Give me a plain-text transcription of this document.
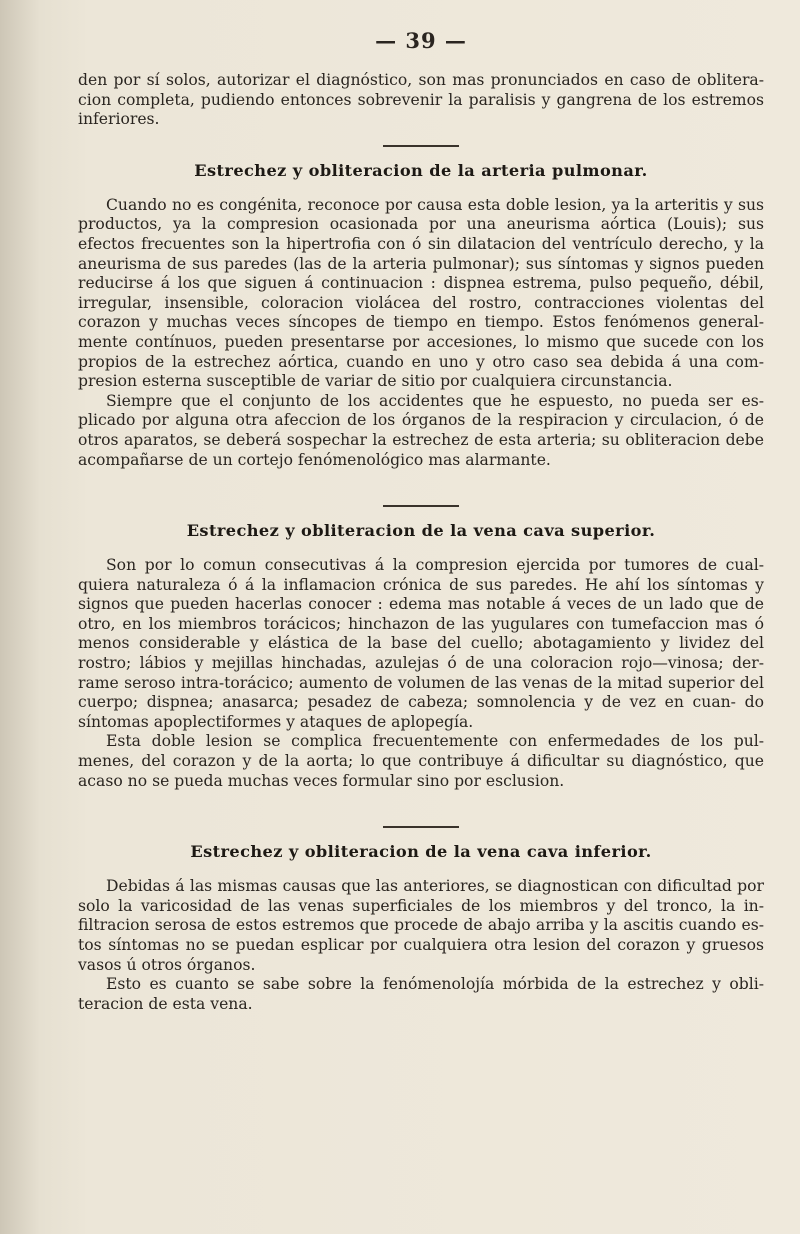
— 39 —

den por sí solos, autorizar el diagnóstico, son mas pronunciados en caso de oblitera- cion completa, pudiendo entonces sobrevenir la paralisis y gangrena de los estremos inferiores.

Estrechez y obliteracion de la arteria pulmonar.

Cuando no es congénita, reconoce por causa esta doble lesion, ya la arteritis y sus productos, ya la compresion ocasionada por una aneurisma aórtica (Louis); sus efectos frecuentes son la hipertrofia con ó sin dilatacion del ventrículo derecho, y la aneurisma de sus paredes (las de la arteria pulmonar); sus síntomas y signos pueden reducirse á los que siguen á continuacion : dispnea estrema, pulso pequeño, débil, irregular, insensible, coloracion violácea del rostro, contracciones violentas del corazon y muchas veces síncopes de tiempo en tiempo. Estos fenómenos general- mente contínuos, pueden presentarse por accesiones, lo mismo que sucede con los propios de la estrechez aórtica, cuando en uno y otro caso sea debida á una com- presion esterna susceptible de variar de sitio por cualquiera circunstancia.

Siempre que el conjunto de los accidentes que he espuesto, no pueda ser es- plicado por alguna otra afeccion de los órganos de la respiracion y circulacion, ó de otros aparatos, se deberá sospechar la estrechez de esta arteria; su obliteracion debe acompañarse de un cortejo fenómenológico mas alarmante.

Estrechez y obliteracion de la vena cava superior.

Son por lo comun consecutivas á la compresion ejercida por tumores de cual- quiera naturaleza ó á la inflamacion crónica de sus paredes. He ahí los síntomas y signos que pueden hacerlas conocer : edema mas notable á veces de un lado que de otro, en los miembros torácicos; hinchazon de las yugulares con tumefaccion mas ó menos considerable y elástica de la base del cuello; abotagamiento y lividez del rostro; lábios y mejillas hinchadas, azulejas ó de una coloracion rojo—vinosa; der- rame seroso intra-torácico; aumento de volumen de las venas de la mitad superior del cuerpo; dispnea; anasarca; pesadez de cabeza; somnolencia y de vez en cuan- do síntomas apoplectiformes y ataques de aplopegía.

Esta doble lesion se complica frecuentemente con enfermedades de los pul- menes, del corazon y de la aorta; lo que contribuye á dificultar su diagnóstico, que acaso no se pueda muchas veces formular sino por esclusion.

Estrechez y obliteracion de la vena cava inferior.

Debidas á las mismas causas que las anteriores, se diagnostican con dificultad por solo la varicosidad de las venas superficiales de los miembros y del tronco, la in- filtracion serosa de estos estremos que procede de abajo arriba y la ascitis cuando es- tos síntomas no se puedan esplicar por cualquiera otra lesion del corazon y gruesos vasos ú otros órganos.

Esto es cuanto se sabe sobre la fenómenolojía mórbida de la estrechez y obli- teracion de esta vena.
